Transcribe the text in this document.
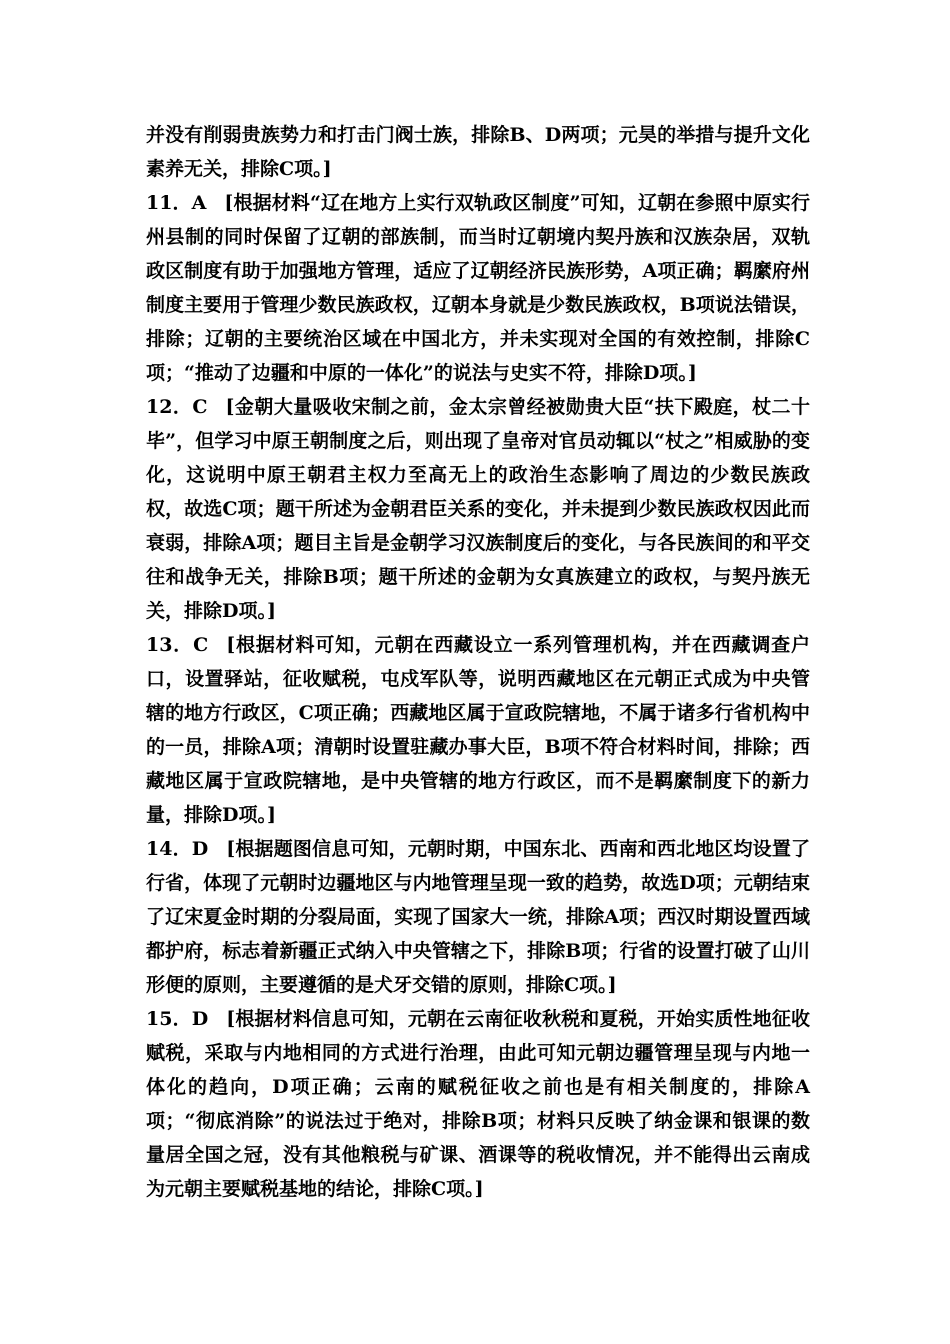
并没有削弱贵族势力和打击门阀士族，排除B、D两项；元昊的举措与提升文化素养无关，排除C项。]

11．A [根据材料“辽在地方上实行双轨政区制度”可知，辽朝在参照中原实行州县制的同时保留了辽朝的部族制，而当时辽朝境内契丹族和汉族杂居，双轨政区制度有助于加强地方管理，适应了辽朝经济民族形势，A项正确；羁縻府州制度主要用于管理少数民族政权，辽朝本身就是少数民族政权，B项说法错误，排除；辽朝的主要统治区域在中国北方，并未实现对全国的有效控制，排除C项；“推动了边疆和中原的一体化”的说法与史实不符，排除D项。]

12．C [金朝大量吸收宋制之前，金太宗曾经被勋贵大臣“扶下殿庭，杖二十毕”，但学习中原王朝制度之后，则出现了皇帝对官员动辄以“杖之”相威胁的变化，这说明中原王朝君主权力至高无上的政治生态影响了周边的少数民族政权，故选C项；题干所述为金朝君臣关系的变化，并未提到少数民族政权因此而衰弱，排除A项；题目主旨是金朝学习汉族制度后的变化，与各民族间的和平交往和战争无关，排除B项；题干所述的金朝为女真族建立的政权，与契丹族无关，排除D项。]

13．C [根据材料可知，元朝在西藏设立一系列管理机构，并在西藏调查户口，设置驿站，征收赋税，屯戍军队等，说明西藏地区在元朝正式成为中央管辖的地方行政区，C项正确；西藏地区属于宣政院辖地，不属于诸多行省机构中的一员，排除A项；清朝时设置驻藏办事大臣，B项不符合材料时间，排除；西藏地区属于宣政院辖地，是中央管辖的地方行政区，而不是羁縻制度下的新力量，排除D项。]

14．D [根据题图信息可知，元朝时期，中国东北、西南和西北地区均设置了行省，体现了元朝时边疆地区与内地管理呈现一致的趋势，故选D项；元朝结束了辽宋夏金时期的分裂局面，实现了国家大一统，排除A项；西汉时期设置西域都护府，标志着新疆正式纳入中央管辖之下，排除B项；行省的设置打破了山川形便的原则，主要遵循的是犬牙交错的原则，排除C项。]

15．D [根据材料信息可知，元朝在云南征收秋税和夏税，开始实质性地征收赋税，采取与内地相同的方式进行治理，由此可知元朝边疆管理呈现与内地一体化的趋向，D项正确；云南的赋税征收之前也是有相关制度的，排除A项；“彻底消除”的说法过于绝对，排除B项；材料只反映了纳金课和银课的数量居全国之冠，没有其他粮税与矿课、酒课等的税收情况，并不能得出云南成为元朝主要赋税基地的结论，排除C项。]
